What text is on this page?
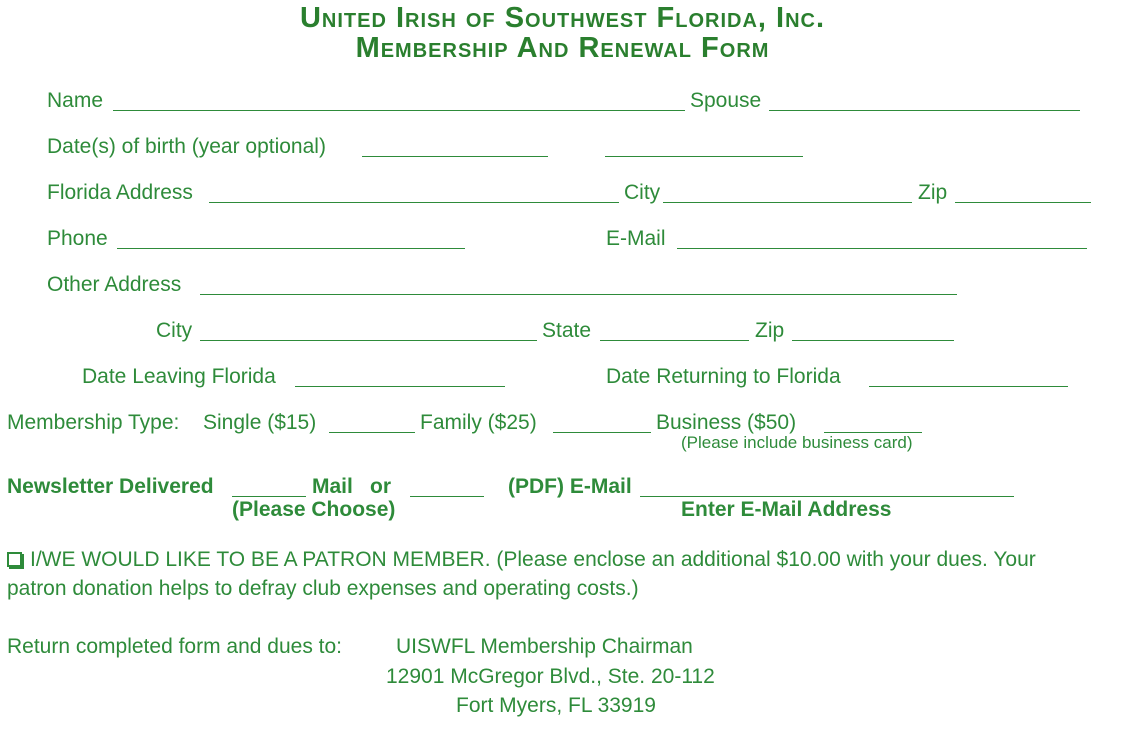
United Irish of Southwest Florida, Inc.
Membership And Renewal Form
Name	Spouse
Date(s) of birth (year optional)
Florida Address	City	Zip
Phone	E-Mail
Other Address
City	State	Zip
Date Leaving Florida	Date Returning to Florida
Membership Type: Single ($15)	Family ($25)	Business ($50)
(Please include business card)
Newsletter Delivered	Mail or	(PDF) E-Mail
(Please Choose)	Enter E-Mail Address
I/WE WOULD LIKE TO BE A PATRON MEMBER. (Please enclose an additional $10.00 with your dues. Your
patron donation helps to defray club expenses and operating costs.)
Return completed form and dues to:	UISWFL Membership Chairman
12901 McGregor Blvd., Ste. 20-112
Fort Myers, FL 33919
